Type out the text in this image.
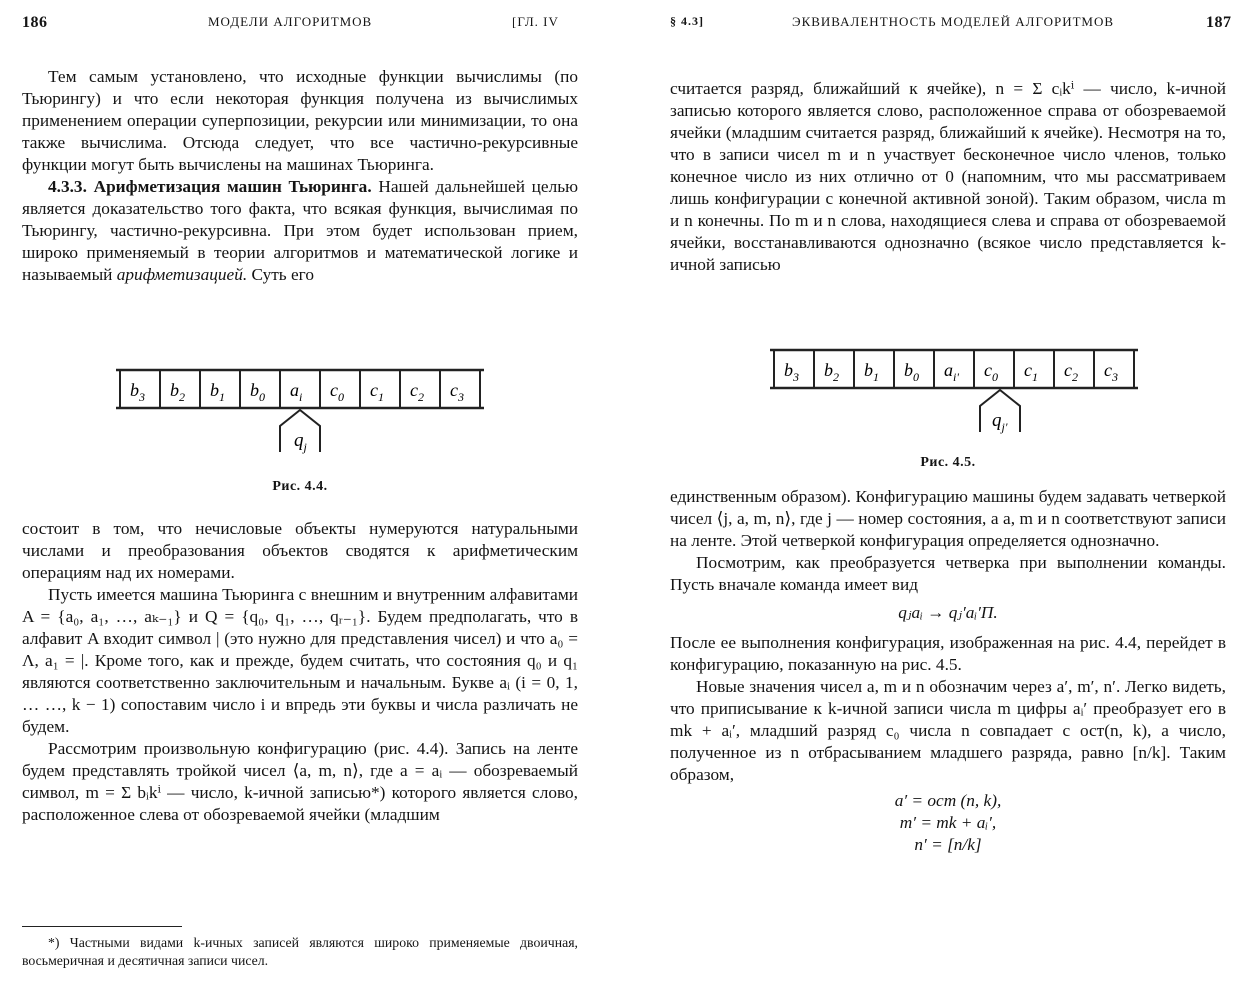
186	МОДЕЛИ АЛГОРИТМОВ	[ГЛ. IV

Тем самым установлено, что исходные функции вычислимы (по Тьюрингу) и что если некоторая функция получена из вычислимых применением операции суперпозиции, рекурсии или минимизации, то она также вычислима. Отсюда следует, что все частично-рекурсивные функции могут быть вычислены на машинах Тьюринга.

4.3.3. Арифметизация машин Тьюринга. Нашей дальнейшей целью является доказательство того факта, что всякая функция, вычислимая по Тьюрингу, частично-рекурсивна. При этом будет использован прием, широко применяемый в теории алгоритмов и математической логике и называемый арифметизацией. Суть его

$b_3$ $b_2$ $b_1$ $b_0$ $a_i$ $c_0$ $c_1$ $c_2$ $c_3$
$q_j$

Рис. 4.4.

состоит в том, что нечисловые объекты нумеруются натуральными числами и преобразования объектов сводятся к арифметическим операциям над их номерами.

Пусть имеется машина Тьюринга с внешним и внутренним алфавитами A = {a₀, a₁, …, aₖ₋₁} и Q = {q₀, q₁, …, qᵣ₋₁}. Будем предполагать, что в алфавит A входит символ | (это нужно для представления чисел) и что a₀ = Λ, a₁ = |. Кроме того, как и прежде, будем считать, что состояния q₀ и q₁ являются соответственно заключительным и начальным. Букве aᵢ (i = 0, 1, … …, k − 1) сопоставим число i и впредь эти буквы и числа различать не будем.

Рассмотрим произвольную конфигурацию (рис. 4.4). Запись на ленте будем представлять тройкой чисел ⟨a, m, n⟩, где a = aᵢ — обозреваемый символ, m = Σ bᵢkⁱ — число, k-ичной записью*) которого является слово, расположенное слева от обозреваемой ячейки (младшим

*) Частными видами k-ичных записей являются широко применяемые двоичная, восьмеричная и десятичная записи чисел.

§ 4.3]	ЭКВИВАЛЕНТНОСТЬ МОДЕЛЕЙ АЛГОРИТМОВ	187

считается разряд, ближайший к ячейке), n = Σ cᵢkⁱ — число, k-ичной записью которого является слово, расположенное справа от обозреваемой ячейки (младшим считается разряд, ближайший к ячейке). Несмотря на то, что в записи чисел m и n участвует бесконечное число членов, только конечное число из них отлично от 0 (напомним, что мы рассматриваем лишь конфигурации с конечной активной зоной). Таким образом, числа m и n конечны. По m и n слова, находящиеся слева и справа от обозреваемой ячейки, восстанавливаются однозначно (всякое число представляется k-ичной записью

$b_3$ $b_2$ $b_1$ $b_0$ $a_{i'}$ $c_0$ $c_1$ $c_2$ $c_3$
$q_{j'}$

Рис. 4.5.

единственным образом). Конфигурацию машины будем задавать четверкой чисел ⟨j, a, m, n⟩, где j — номер состояния, а a, m и n соответствуют записи на ленте. Этой четверкой конфигурация определяется однозначно.

Посмотрим, как преобразуется четверка при выполнении команды. Пусть вначале команда имеет вид

qⱼaᵢ → qⱼ′aᵢ′П.

После ее выполнения конфигурация, изображенная на рис. 4.4, перейдет в конфигурацию, показанную на рис. 4.5.

Новые значения чисел a, m и n обозначим через a′, m′, n′. Легко видеть, что приписывание к k-ичной записи числа m цифры aᵢ′ преобразует его в mk + aᵢ′, младший разряд c₀ числа n совпадает с ост(n, k), а число, полученное из n отбрасыванием младшего разряда, равно [n/k]. Таким образом,

a′ = ост (n, k),

m′ = mk + aᵢ′,

n′ = [n/k]
